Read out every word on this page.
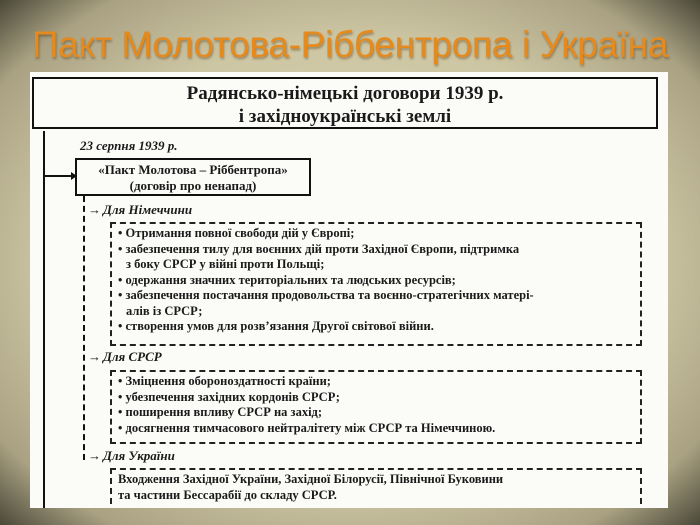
Пакт Молотова-Ріббентропа і Україна
Радянсько-німецькі договори 1939 р.
і західноукраїнські землі
23 серпня 1939 р.
«Пакт Молотова – Ріббентропа»
(договір про ненапад)
→ Для Німеччини
• Отримання повної свободи дій у Європі;
• забезпечення тилу для воєнних дій проти Західної Європи, підтримка
з боку СРСР у війні проти Польщі;
• одержання значних територіальних та людських ресурсів;
• забезпечення постачання продовольства та воєнно-стратегічних матері-
алів із СРСР;
• створення умов для розв’язання Другої світової війни.
→ Для СРСР
• Зміцнення обороноздатності країни;
• убезпечення західних кордонів СРСР;
• поширення впливу СРСР на захід;
• досягнення тимчасового нейтралітету між СРСР та Німеччиною.
→ Для України
Входження Західної України, Західної Білорусії, Північної Буковини
та частини Бессарабії до складу СРСР.
